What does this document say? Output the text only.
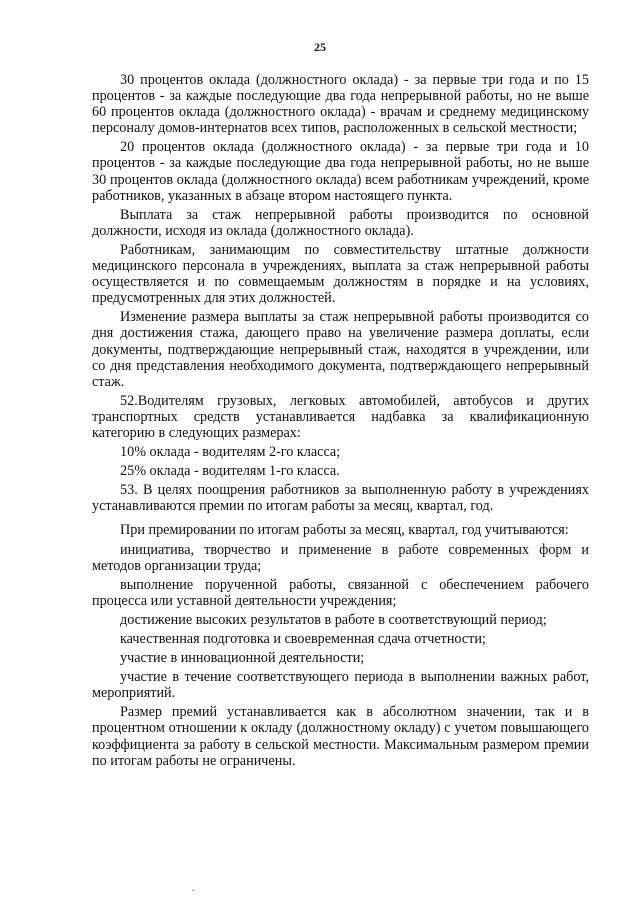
25

30 процентов оклада (должностного оклада) - за первые три года и по 15 процентов - за каждые последующие два года непрерывной работы, но не выше 60 процентов оклада (должностного оклада) - врачам и среднему медицинскому персоналу домов-интернатов всех типов, расположенных в сельской местности;

20 процентов оклада (должностного оклада) - за первые три года и 10 процентов - за каждые последующие два года непрерывной работы, но не выше 30 процентов оклада (должностного оклада) всем работникам учреждений, кроме работников, указанных в абзаце втором настоящего пункта.

Выплата за стаж непрерывной работы производится по основной должности, исходя из оклада (должностного оклада).

Работникам, занимающим по совместительству штатные должности медицинского персонала в учреждениях, выплата за стаж непрерывной работы осуществляется и по совмещаемым должностям в порядке и на условиях, предусмотренных для этих должностей.

Изменение размера выплаты за стаж непрерывной работы производится со дня достижения стажа, дающего право на увеличение размера доплаты, если документы, подтверждающие непрерывный стаж, находятся в учреждении, или со дня представления необходимого документа, подтверждающего непрерывный стаж.

52.Водителям грузовых, легковых автомобилей, автобусов и других транспортных средств устанавливается надбавка за квалификационную категорию в следующих размерах:

10% оклада - водителям 2-го класса;

25% оклада - водителям 1-го класса.

53. В целях поощрения работников за выполненную работу в учреждениях устанавливаются премии по итогам работы за месяц, квартал, год.

При премировании по итогам работы за месяц, квартал, год учитываются:

инициатива, творчество и применение в работе современных форм и методов организации труда;

выполнение порученной работы, связанной с обеспечением рабочего процесса или уставной деятельности учреждения;

достижение высоких результатов в работе в соответствующий период;

качественная подготовка и своевременная сдача отчетности;

участие в инновационной деятельности;

участие в течение соответствующего периода в выполнении важных работ, мероприятий.

Размер премий устанавливается как в абсолютном значении, так и в процентном отношении к окладу (должностному окладу) с учетом повышающего коэффициента за работу в сельской местности. Максимальным размером премии по итогам работы не ограничены.
